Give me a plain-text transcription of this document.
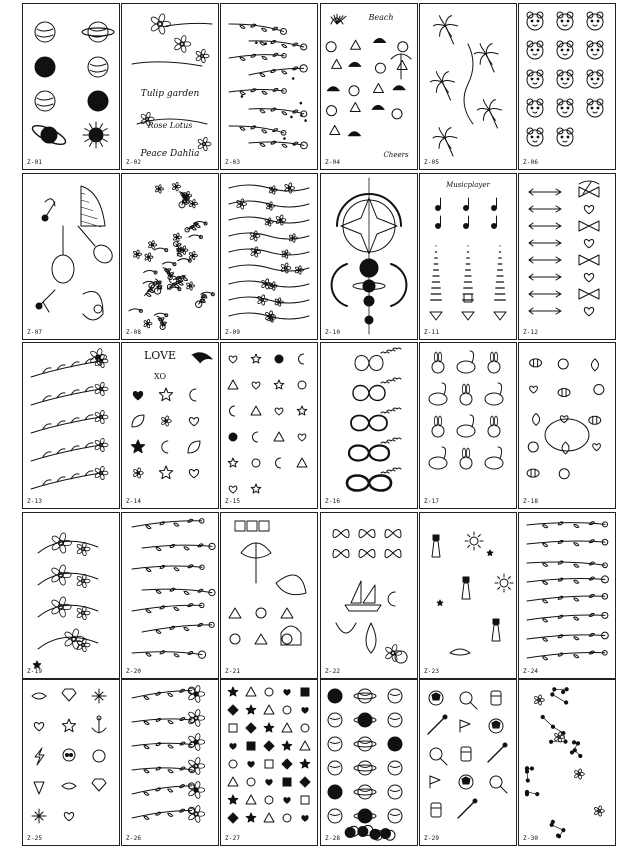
Z-01
Tulip garden
Rose Lotus
Peace Dahlia
Z-02	Z-03
Beach
Cheers
Z-04	Z-05	Z-06
Z-07	Z-08	Z-09	Z-10
Musicplayer
Z-11	Z-12
Z-13
LOVE
XO
Z-14	Z-15	Z-16	Z-17	Z-18
Z-19	Z-20	Z-21	Z-22	Z-23	Z-24
Z-25	Z-26	Z-27	Z-28	Z-29	Z-30
